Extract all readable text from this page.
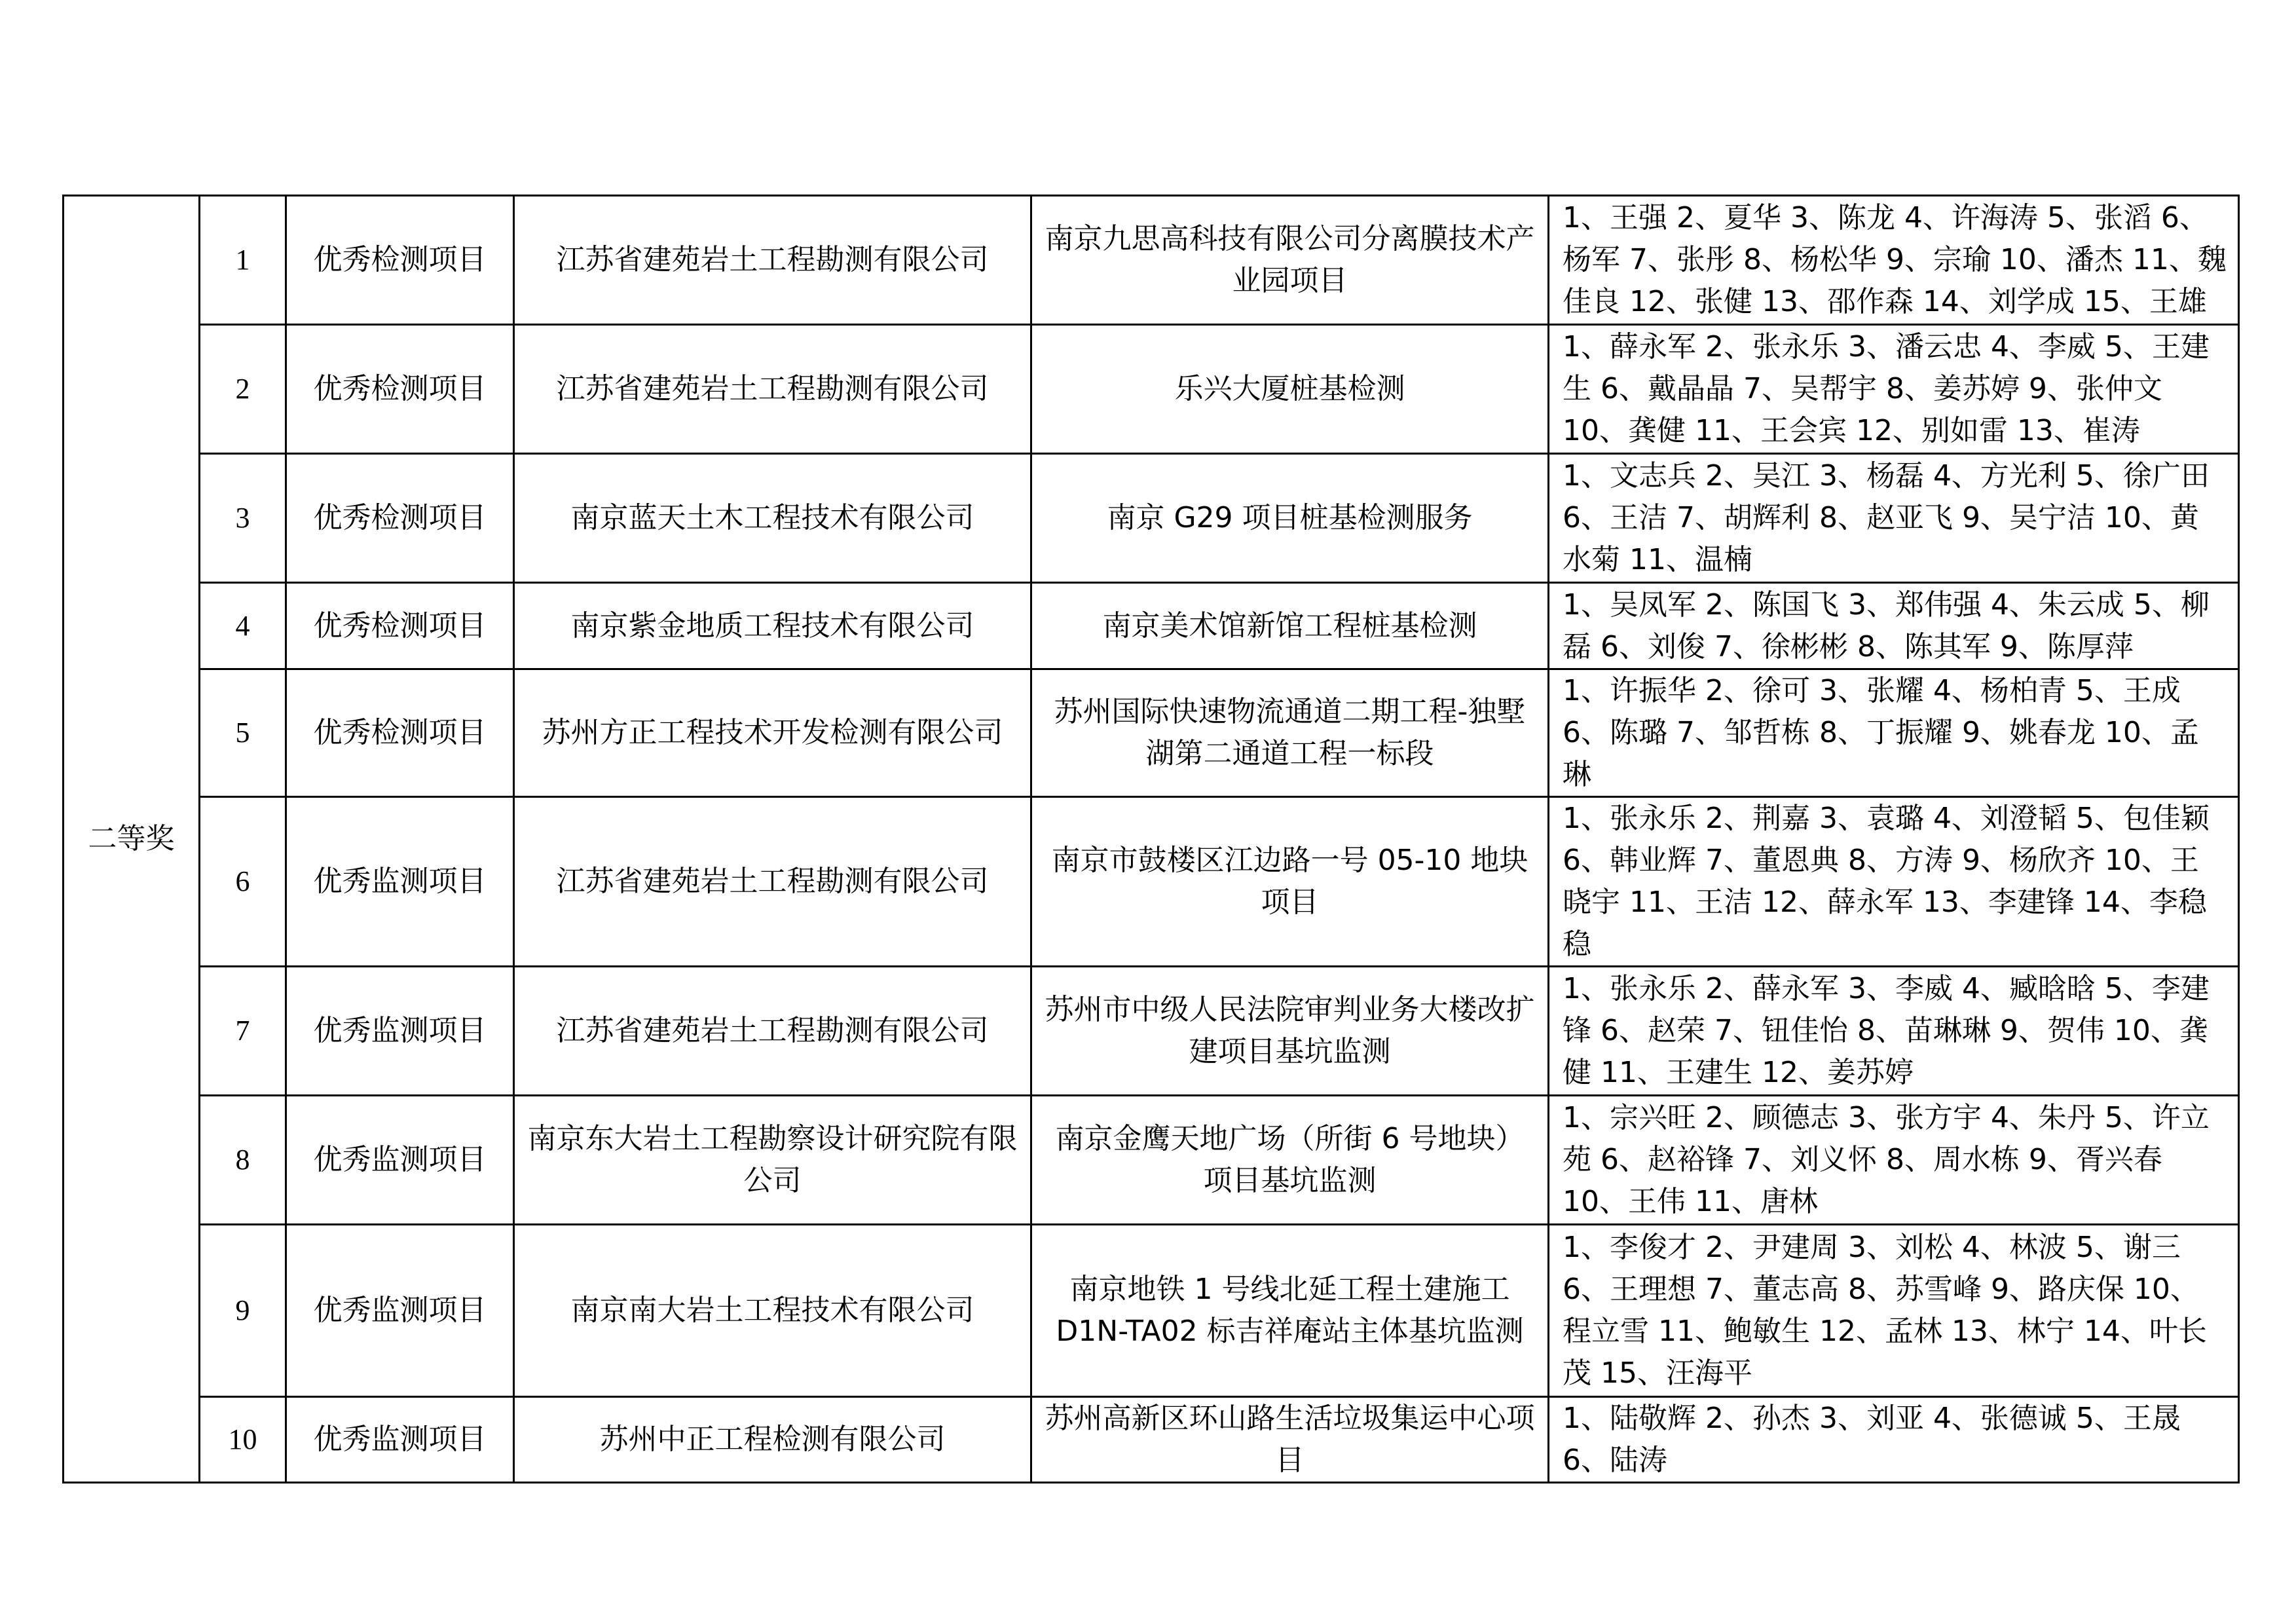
二等奖	1	优秀检测项目	江苏省建苑岩土工程勘测有限公司	南京九思高科技有限公司分离膜技术产业园项目	1、王强 2、夏华 3、陈龙 4、许海涛 5、张滔 6、杨军 7、张彤 8、杨松华 9、宗瑜 10、潘杰 11、魏佳良 12、张健 13、邵作森 14、刘学成 15、王雄
	2	优秀检测项目	江苏省建苑岩土工程勘测有限公司	乐兴大厦桩基检测	1、薛永军 2、张永乐 3、潘云忠 4、李威 5、王建生 6、戴晶晶 7、吴帮宇 8、姜苏婷 9、张仲文 10、龚健 11、王会宾 12、别如雷 13、崔涛
	3	优秀检测项目	南京蓝天土木工程技术有限公司	南京 G29 项目桩基检测服务	1、文志兵 2、吴江 3、杨磊 4、方光利 5、徐广田 6、王洁 7、胡辉利 8、赵亚飞 9、吴宁洁 10、黄水菊 11、温楠
	4	优秀检测项目	南京紫金地质工程技术有限公司	南京美术馆新馆工程桩基检测	1、吴凤军 2、陈国飞 3、郑伟强 4、朱云成 5、柳磊 6、刘俊 7、徐彬彬 8、陈其军 9、陈厚萍
	5	优秀检测项目	苏州方正工程技术开发检测有限公司	苏州国际快速物流通道二期工程-独墅湖第二通道工程一标段	1、许振华 2、徐可 3、张耀 4、杨柏青 5、王成 6、陈璐 7、邹哲栋 8、丁振耀 9、姚春龙 10、孟琳
	6	优秀监测项目	江苏省建苑岩土工程勘测有限公司	南京市鼓楼区江边路一号 05-10 地块项目	1、张永乐 2、荆嘉 3、袁璐 4、刘澄韬 5、包佳颖 6、韩业辉 7、董恩典 8、方涛 9、杨欣齐 10、王晓宇 11、王洁 12、薛永军 13、李建锋 14、李稳稳
	7	优秀监测项目	江苏省建苑岩土工程勘测有限公司	苏州市中级人民法院审判业务大楼改扩建项目基坑监测	1、张永乐 2、薛永军 3、李威 4、臧晗晗 5、李建锋 6、赵荣 7、钮佳怡 8、苗琳琳 9、贺伟 10、龚健 11、王建生 12、姜苏婷
	8	优秀监测项目	南京东大岩土工程勘察设计研究院有限公司	南京金鹰天地广场（所街 6 号地块）项目基坑监测	1、宗兴旺 2、顾德志 3、张方宇 4、朱丹 5、许立苑 6、赵裕锋 7、刘义怀 8、周水栋 9、胥兴春 10、王伟 11、唐林
	9	优秀监测项目	南京南大岩土工程技术有限公司	南京地铁 1 号线北延工程土建施工 D1N-TA02 标吉祥庵站主体基坑监测	1、李俊才 2、尹建周 3、刘松 4、林波 5、谢三 6、王理想 7、董志高 8、苏雪峰 9、路庆保 10、程立雪 11、鲍敏生 12、孟林 13、林宁 14、叶长茂 15、汪海平
	10	优秀监测项目	苏州中正工程检测有限公司	苏州高新区环山路生活垃圾集运中心项目	1、陆敬辉 2、孙杰 3、刘亚 4、张德诚 5、王晟 6、陆涛
